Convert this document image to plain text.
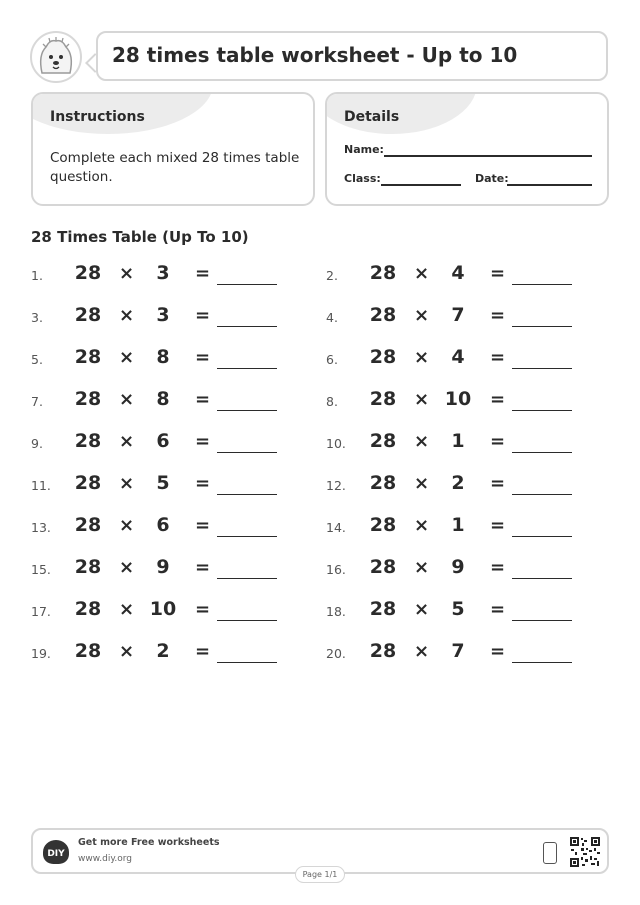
28 times table worksheet - Up to 10
Instructions
Complete each mixed 28 times table question.
Details
Name:
Class:	Date:
28 Times Table (Up To 10)
1.	28 ×	3	=	2.	28 ×	4	=
3.	28 ×	3	=	4.	28 ×	7	=
5.	28 ×	8	=	6.	28 ×	4	=
7.	28 ×	8	=	8.	28 × 10	=
9.	28 ×	6	=	10.	28 ×	1	=
11.	28 ×	5	=	12.	28 ×	2	=
13.	28 ×	6	=	14.	28 ×	1	=
15.	28 ×	9	=	16.	28 ×	9	=
17.	28 × 10	=	18.	28 ×	5	=
19.	28 ×	2	=	20.	28 ×	7	=
DIY
Get more Free worksheets
www.diy.org
Page 1/1
